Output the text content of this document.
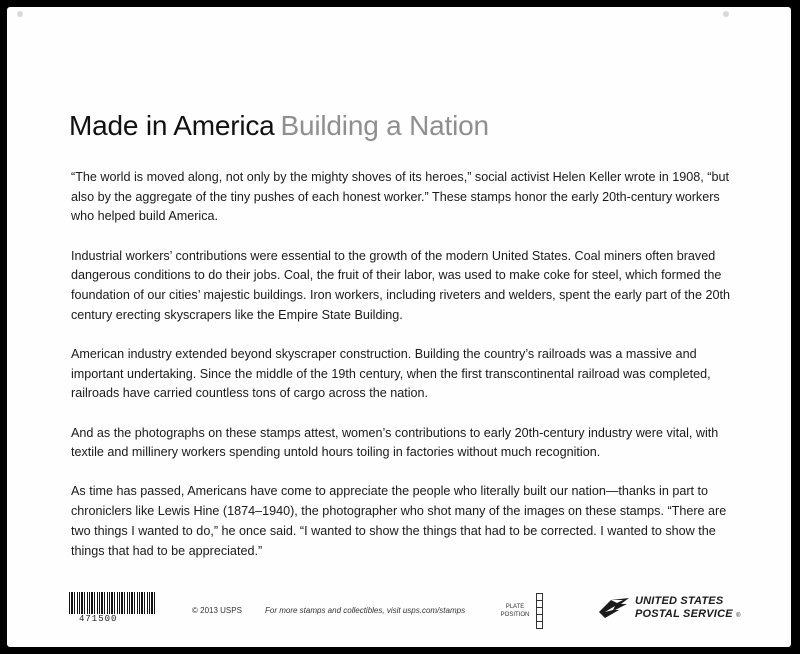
Made in America Building a Nation

“The world is moved along, not only by the mighty shoves of its heroes,” social activist Helen Keller wrote in 1908, “but also by the aggregate of the tiny pushes of each honest worker.” These stamps honor the early 20th-century workers who helped build America.

Industrial workers’ contributions were essential to the growth of the modern United States. Coal miners often braved dangerous conditions to do their jobs. Coal, the fruit of their labor, was used to make coke for steel, which formed the foundation of our cities’ majestic buildings. Iron workers, including riveters and welders, spent the early part of the 20th century erecting skyscrapers like the Empire State Building.

American industry extended beyond skyscraper construction. Building the country’s railroads was a massive and important undertaking. Since the middle of the 19th century, when the first transcontinental railroad was completed, railroads have carried countless tons of cargo across the nation.

And as the photographs on these stamps attest, women’s contributions to early 20th-century industry were vital, with textile and millinery workers spending untold hours toiling in factories without much recognition.

As time has passed, Americans have come to appreciate the people who literally built our nation—thanks in part to chroniclers like Lewis Hine (1874–1940), the photographer who shot many of the images on these stamps. “There are two things I wanted to do,” he once said. “I wanted to show the things that had to be corrected. I wanted to show the things that had to be appreciated.”

471500
© 2013 USPS	For more stamps and collectibles, visit usps.com/stamps	PLATE
POSITION
UNITED STATES
POSTAL SERVICE ®
